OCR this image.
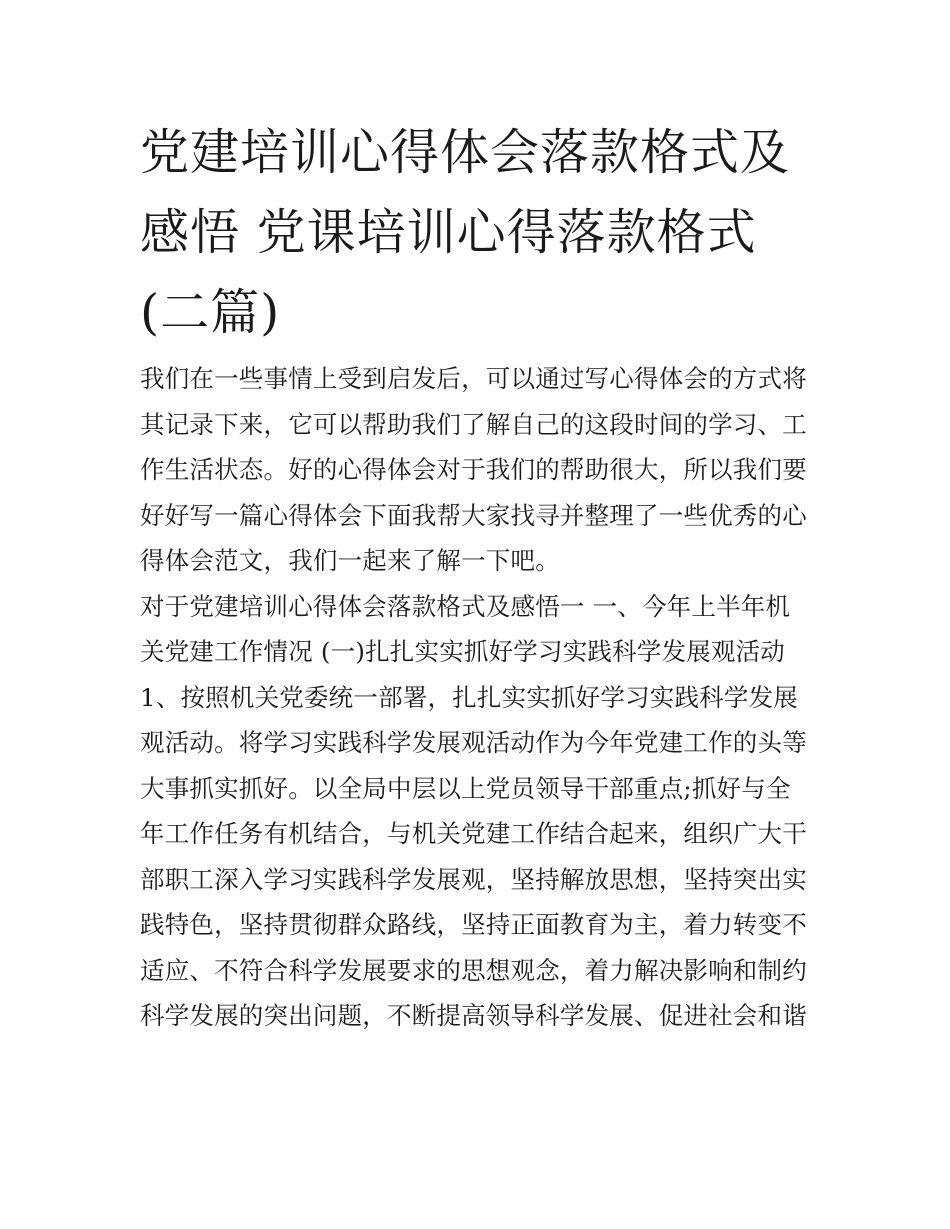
党建培训心得体会落款格式及
感悟 党课培训心得落款格式
(二篇)
我们在一些事情上受到启发后，可以通过写心得体会的方式将
其记录下来，它可以帮助我们了解自己的这段时间的学习、工
作生活状态。好的心得体会对于我们的帮助很大，所以我们要
好好写一篇心得体会下面我帮大家找寻并整理了一些优秀的心
得体会范文，我们一起来了解一下吧。
对于党建培训心得体会落款格式及感悟一 一、今年上半年机
关党建工作情况 (一)扎扎实实抓好学习实践科学发展观活动
1、按照机关党委统一部署，扎扎实实抓好学习实践科学发展
观活动。将学习实践科学发展观活动作为今年党建工作的头等
大事抓实抓好。以全局中层以上党员领导干部重点;抓好与全
年工作任务有机结合，与机关党建工作结合起来，组织广大干
部职工深入学习实践科学发展观，坚持解放思想，坚持突出实
践特色，坚持贯彻群众路线，坚持正面教育为主，着力转变不
适应、不符合科学发展要求的思想观念，着力解决影响和制约
科学发展的突出问题，不断提高领导科学发展、促进社会和谐
